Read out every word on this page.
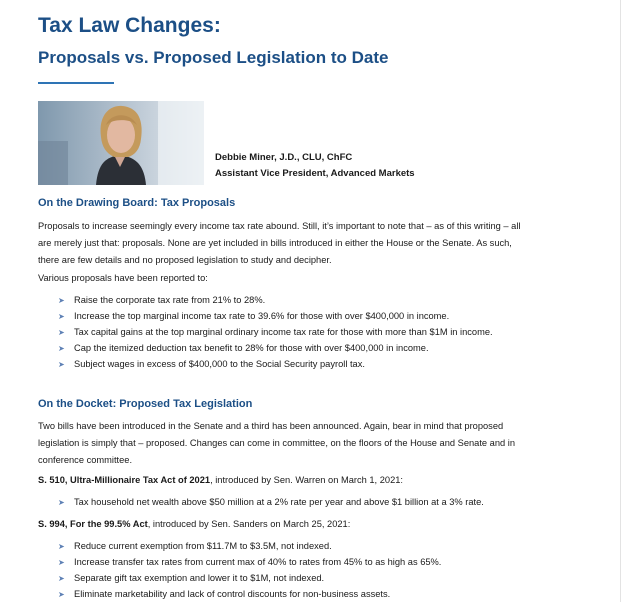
Tax Law Changes:
Proposals vs. Proposed Legislation to Date
Debbie Miner, J.D., CLU, ChFC
Assistant Vice President, Advanced Markets
On the Drawing Board: Tax Proposals
Proposals to increase seemingly every income tax rate abound. Still, it’s important to note that – as of this writing – all
are merely just that: proposals. None are yet included in bills introduced in either the House or the Senate. As such,
there are few details and no proposed legislation to study and decipher.
Various proposals have been reported to:
➤ Raise the corporate tax rate from 21% to 28%.
➤ Increase the top marginal income tax rate to 39.6% for those with over $400,000 in income.
➤ Tax capital gains at the top marginal ordinary income tax rate for those with more than $1M in income.
➤ Cap the itemized deduction tax benefit to 28% for those with over $400,000 in income.
➤ Subject wages in excess of $400,000 to the Social Security payroll tax.
On the Docket: Proposed Tax Legislation
Two bills have been introduced in the Senate and a third has been announced. Again, bear in mind that proposed
legislation is simply that – proposed. Changes can come in committee, on the floors of the House and Senate and in
conference committee.
S. 510, Ultra-Millionaire Tax Act of 2021, introduced by Sen. Warren on March 1, 2021:
➤ Tax household net wealth above $50 million at a 2% rate per year and above $1 billion at a 3% rate.
S. 994, For the 99.5% Act, introduced by Sen. Sanders on March 25, 2021:
➤ Reduce current exemption from $11.7M to $3.5M, not indexed.
➤ Increase transfer tax rates from current max of 40% to rates from 45% to as high as 65%.
➤ Separate gift tax exemption and lower it to $1M, not indexed.
➤ Eliminate marketability and lack of control discounts for non-business assets.
